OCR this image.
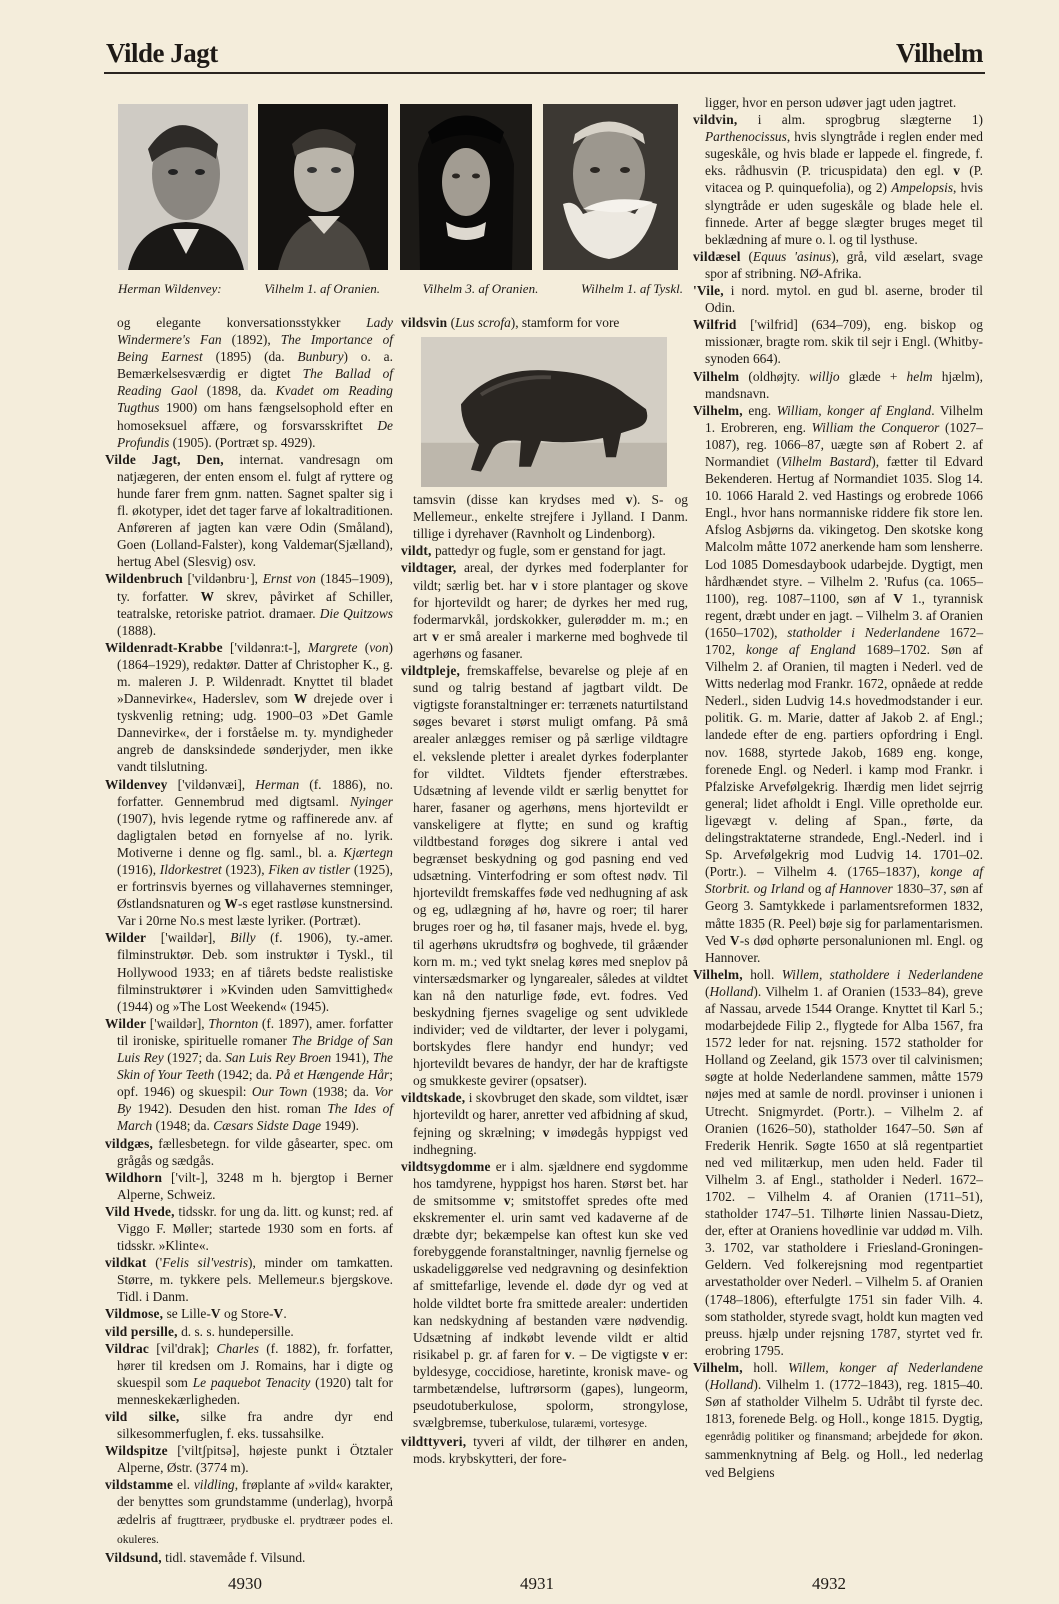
Vilde Jagt	Vilhelm
Herman Wildenvey:	Vilhelm 1. af Oranien.	Vilhelm 3. af Oranien.	Wilhelm 1. af Tyskl.

og elegante konversationsstykker Lady Windermere's Fan (1892), The Importance of Being Earnest (1895) (da. Bunbury) o. a. Bemærkelsesværdig er digtet The Ballad of Reading Gaol (1898, da. Kvadet om Reading Tugthus 1900) om hans fængselsophold efter en homoseksuel affære, og forsvarsskriftet De Profundis (1905). (Portræt sp. 4929).

Vilde Jagt, Den, internat. vandresagn om natjægeren, der enten ensom el. fulgt af ryttere og hunde farer frem gnm. natten. Sagnet spalter sig i fl. økotyper, idet det tager farve af lokaltraditionen. Anføreren af jagten kan være Odin (Småland), Goen (Lolland-Falster), kong Valdemar(Sjælland), hertug Abel (Slesvig) osv.

Wildenbruch ['vildənbru·], Ernst von (1845–1909), ty. forfatter. W skrev, påvirket af Schiller, teatralske, retoriske patriot. dramaer. Die Quitzows (1888).

Wildenradt-Krabbe ['vildənra:t-], Margrete (von) (1864–1929), redaktør. Datter af Christopher K., g. m. maleren J. P. Wildenradt. Knyttet til bladet »Dannevirke«, Haderslev, som W drejede over i tyskvenlig retning; udg. 1900–03 »Det Gamle Dannevirke«, der i forståelse m. ty. myndigheder angreb de dansksindede sønderjyder, men ikke vandt tilslutning.

Wildenvey ['vildənvæi], Herman (f. 1886), no. forfatter. Gennembrud med digtsaml. Nyinger (1907), hvis legende rytme og raffinerede anv. af dagligtalen betød en fornyelse af no. lyrik. Motiverne i denne og flg. saml., bl. a. Kjærtegn (1916), Ildorkestret (1923), Fiken av tistler (1925), er fortrinsvis byernes og villahavernes stemninger, Østlandsnaturen og W-s eget rastløse kunstnersind. Var i 20rne No.s mest læste lyriker. (Portræt).

Wilder ['waildər], Billy (f. 1906), ty.-amer. filminstruktør. Deb. som instruktør i Tyskl., til Hollywood 1933; en af tiårets bedste realistiske filminstruktører i »Kvinden uden Samvittighed« (1944) og »The Lost Weekend« (1945).

Wilder ['waildər], Thornton (f. 1897), amer. forfatter til ironiske, spirituelle romaner The Bridge of San Luis Rey (1927; da. San Luis Rey Broen 1941), The Skin of Your Teeth (1942; da. På et Hængende Hår; opf. 1946) og skuespil: Our Town (1938; da. Vor By 1942). Desuden den hist. roman The Ides of March (1948; da. Cæsars Sidste Dage 1949).

vildgæs, fællesbetegn. for vilde gåsearter, spec. om grågås og sædgås.

Wildhorn ['vilt-], 3248 m h. bjergtop i Berner Alperne, Schweiz.

Vild Hvede, tidsskr. for ung da. litt. og kunst; red. af Viggo F. Møller; startede 1930 som en forts. af tidsskr. »Klinte«.

vildkat ('Felis sil'vestris), minder om tamkatten. Større, m. tykkere pels. Mellemeur.s bjergskove. Tidl. i Danm.

Vildmose, se Lille-V og Store-V.

vild persille, d. s. s. hundepersille.

Vildrac [vil'drak]; Charles (f. 1882), fr. forfatter, hører til kredsen om J. Romains, har i digte og skuespil som Le paquebot Tenacity (1920) talt for menneskekærligheden.

vild silke, silke fra andre dyr end silkesommerfuglen, f. eks. tussahsilke.

Wildspitze ['viltʃpitsə], højeste punkt i Ötztaler Alperne, Østr. (3774 m).

vildstamme el. vildling, frøplante af »vild« karakter, der benyttes som grundstamme (underlag), hvorpå ædelris af frugttræer, prydbuske el. prydtræer podes el. okuleres.

Vildsund, tidl. stavemåde f. Vilsund.

vildsvin (Lus scrofa), stamform for vore

tamsvin (disse kan krydses med v). S- og Mellemeur., enkelte strejfere i Jylland. I Danm. tillige i dyrehaver (Ravnholt og Lindenborg).

vildt, pattedyr og fugle, som er genstand for jagt.

vildtager, areal, der dyrkes med foderplanter for vildt; særlig bet. har v i store plantager og skove for hjortevildt og harer; de dyrkes her med rug, fodermarvkål, jordskokker, gulerødder m. m.; en art v er små arealer i markerne med boghvede til agerhøns og fasaner.

vildtpleje, fremskaffelse, bevarelse og pleje af en sund og talrig bestand af jagtbart vildt. De vigtigste foranstaltninger er: terrænets naturtilstand søges bevaret i størst muligt omfang. På små arealer anlægges remiser og på særlige vildtagre el. vekslende pletter i arealet dyrkes foderplanter for vildtet. Vildtets fjender efterstræbes. Udsætning af levende vildt er særlig benyttet for harer, fasaner og agerhøns, mens hjortevildt er vanskeligere at flytte; en sund og kraftig vildtbestand forøges dog sikrere i antal ved begrænset beskydning og god pasning end ved udsætning. Vinterfodring er som oftest nødv. Til hjortevildt fremskaffes føde ved nedhugning af ask og eg, udlægning af hø, havre og roer; til harer bruges roer og hø, til fasaner majs, hvede el. byg, til agerhøns ukrudtsfrø og boghvede, til gråænder korn m. m.; ved tykt snelag køres med sneplov på vintersædsmarker og lyngarealer, således at vildtet kan nå den naturlige føde, evt. fodres. Ved beskydning fjernes svagelige og sent udviklede individer; ved de vildtarter, der lever i polygami, bortskydes flere handyr end hundyr; ved hjortevildt bevares de handyr, der har de kraftigste og smukkeste gevirer (opsatser).

vildtskade, i skovbruget den skade, som vildtet, især hjortevildt og harer, anretter ved afbidning af skud, fejning og skrælning; v imødegås hyppigst ved indhegning.

vildtsygdomme er i alm. sjældnere end sygdomme hos tamdyrene, hyppigst hos haren. Størst bet. har de smitsomme v; smitstoffet spredes ofte med ekskrementer el. urin samt ved kadaverne af de dræbte dyr; bekæmpelse kan oftest kun ske ved forebyggende foranstaltninger, navnlig fjernelse og uskadeliggørelse ved nedgravning og desinfektion af smittefarlige, levende el. døde dyr og ved at holde vildtet borte fra smittede arealer: undertiden kan nedskydning af bestanden være nødvendig. Udsætning af indkøbt levende vildt er altid risikabel p. gr. af faren for v. – De vigtigste v er: byldesyge, coccidiose, haretinte, kronisk mave- og tarmbetændelse, luftrørsorm (gapes), lungeorm, pseudotuberkulose, spolorm, strongylose, svælgbremse, tuberkulose, tularæmi, vortesyge.

vildttyveri, tyveri af vildt, der tilhører en anden, mods. krybskytteri, der fore-

ligger, hvor en person udøver jagt uden jagtret.

vildvin, i alm. sprogbrug slægterne 1) Parthenocissus, hvis slyngtråde i reglen ender med sugeskåle, og hvis blade er lappede el. fingrede, f. eks. rådhusvin (P. tricuspidata) den egl. v (P. vitacea og P. quinquefolia), og 2) Ampelopsis, hvis slyngtråde er uden sugeskåle og blade hele el. finnede. Arter af begge slægter bruges meget til beklædning af mure o. l. og til lysthuse.

vildæsel (Equus 'asinus), grå, vild æselart, svage spor af stribning. NØ-Afrika.

'Vile, i nord. mytol. en gud bl. aserne, broder til Odin.

Wilfrid ['wilfrid] (634–709), eng. biskop og missionær, bragte rom. skik til sejr i Engl. (Whitby-synoden 664).

Vilhelm (oldhøjty. willjo glæde + helm hjælm), mandsnavn.

Vilhelm, eng. William, konger af England. Vilhelm 1. Erobreren, eng. William the Conqueror (1027–1087), reg. 1066–87, uægte søn af Robert 2. af Normandiet (Vilhelm Bastard), fætter til Edvard Bekenderen. Hertug af Normandiet 1035. Slog 14. 10. 1066 Harald 2. ved Hastings og erobrede 1066 Engl., hvor hans normanniske riddere fik store len. Afslog Asbjørns da. vikingetog. Den skotske kong Malcolm måtte 1072 anerkende ham som lensherre. Lod 1085 Domesdaybook udarbejde. Dygtigt, men hårdhændet styre. – Vilhelm 2. 'Rufus (ca. 1065–1100), reg. 1087–1100, søn af V 1., tyrannisk regent, dræbt under en jagt. – Vilhelm 3. af Oranien (1650–1702), statholder i Nederlandene 1672–1702, konge af England 1689–1702. Søn af Vilhelm 2. af Oranien, til magten i Nederl. ved de Witts nederlag mod Frankr. 1672, opnåede at redde Nederl., siden Ludvig 14.s hovedmodstander i eur. politik. G. m. Marie, datter af Jakob 2. af Engl.; landede efter de eng. partiers opfordring i Engl. nov. 1688, styrtede Jakob, 1689 eng. konge, forenede Engl. og Nederl. i kamp mod Frankr. i Pfalziske Arvefølgekrig. Ihærdig men lidet sejrrig general; lidet afholdt i Engl. Ville opretholde eur. ligevægt v. deling af Span., førte, da delingstraktaterne strandede, Engl.-Nederl. ind i Sp. Arvefølgekrig mod Ludvig 14. 1701–02. (Portr.). – Vilhelm 4. (1765–1837), konge af Storbrit. og Irland og af Hannover 1830–37, søn af Georg 3. Samtykkede i parlamentsreformen 1832, måtte 1835 (R. Peel) bøje sig for parlamentarismen. Ved V-s død ophørte personalunionen ml. Engl. og Hannover.

Vilhelm, holl. Willem, statholdere i Nederlandene (Holland). Vilhelm 1. af Oranien (1533–84), greve af Nassau, arvede 1544 Orange. Knyttet til Karl 5.; modarbejdede Filip 2., flygtede for Alba 1567, fra 1572 leder for nat. rejsning. 1572 statholder for Holland og Zeeland, gik 1573 over til calvinismen; søgte at holde Nederlandene sammen, måtte 1579 nøjes med at samle de nordl. provinser i unionen i Utrecht. Snigmyrdet. (Portr.). – Vilhelm 2. af Oranien (1626–50), statholder 1647–50. Søn af Frederik Henrik. Søgte 1650 at slå regentpartiet ned ved militærkup, men uden held. Fader til Vilhelm 3. af Engl., statholder i Nederl. 1672–1702. – Vilhelm 4. af Oranien (1711–51), statholder 1747–51. Tilhørte linien Nassau-Dietz, der, efter at Oraniens hovedlinie var uddød m. Vilh. 3. 1702, var statholdere i Friesland-Groningen-Geldern. Ved folkerejsning mod regentpartiet arvestatholder over Nederl. – Vilhelm 5. af Oranien (1748–1806), efterfulgte 1751 sin fader Vilh. 4. som statholder, styrede svagt, holdt kun magten ved preuss. hjælp under rejsning 1787, styrtet ved fr. erobring 1795.

Vilhelm, holl. Willem, konger af Nederlandene (Holland). Vilhelm 1. (1772–1843), reg. 1815–40. Søn af statholder Vilhelm 5. Udråbt til fyrste dec. 1813, forenede Belg. og Holl., konge 1815. Dygtig, egenrådig politiker og finansmand; arbejdede for økon. sammenknytning af Belg. og Holl., led nederlag ved Belgiens

4930	4931	4932
